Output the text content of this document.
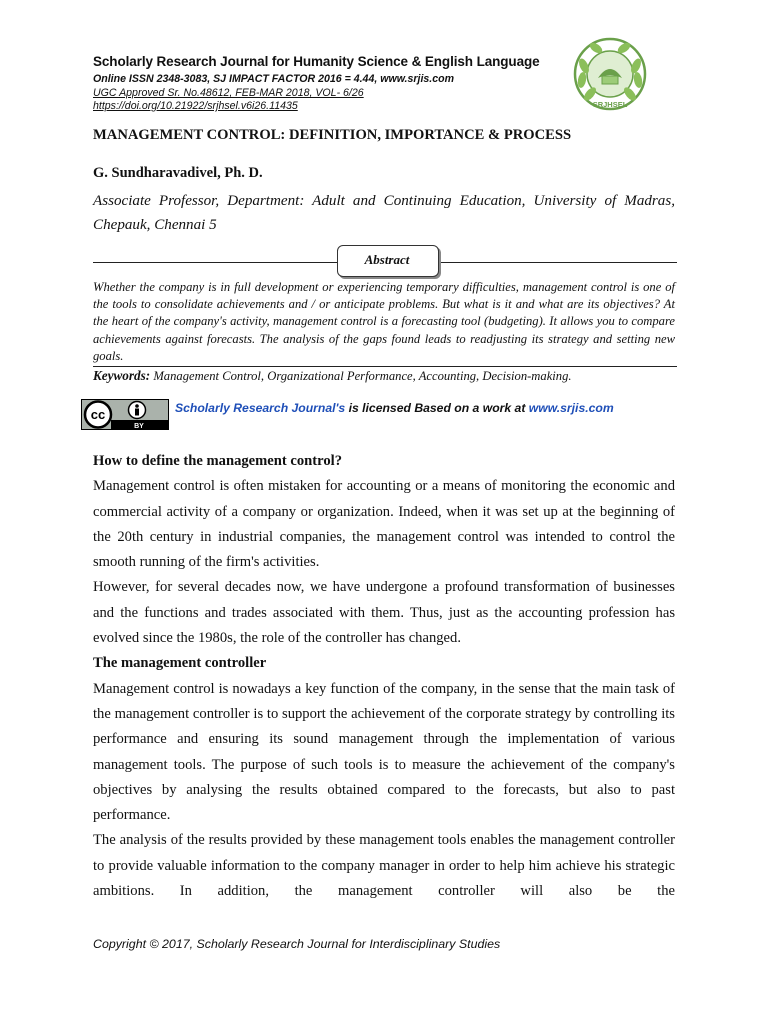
Scholarly Research Journal for Humanity Science & English Language
Online ISSN 2348-3083, SJ IMPACT FACTOR 2016 = 4.44, www.srjis.com
UGC Approved Sr. No.48612, FEB-MAR 2018, VOL- 6/26
https://doi.org/10.21922/srjhsel.v6i26.11435	SRJHSEL
MANAGEMENT CONTROL: DEFINITION, IMPORTANCE & PROCESS
G. Sundharavadivel, Ph. D.
Associate Professor, Department: Adult and Continuing Education, University of Madras, Chepauk, Chennai 5
Abstract
Whether the company is in full development or experiencing temporary difficulties, management control is one of the tools to consolidate achievements and / or anticipate problems. But what is it and what are its objectives? At the heart of the company's activity, management control is a forecasting tool (budgeting). It allows you to compare achievements against forecasts. The analysis of the gaps found leads to readjusting its strategy and setting new goals.
Keywords: Management Control, Organizational Performance, Accounting, Decision-making.
cc
BY
Scholarly Research Journal's is licensed Based on a work at www.srjis.com
How to define the management control?

Management control is often mistaken for accounting or a means of monitoring the economic and commercial activity of a company or organization. Indeed, when it was set up at the beginning of the 20th century in industrial companies, the management control was intended to control the smooth running of the firm's activities.

However, for several decades now, we have undergone a profound transformation of businesses and the functions and trades associated with them. Thus, just as the accounting profession has evolved since the 1980s, the role of the controller has changed.

The management controller

Management control is nowadays a key function of the company, in the sense that the main task of the management controller is to support the achievement of the corporate strategy by controlling its performance and ensuring its sound management through the implementation of various management tools. The purpose of such tools is to measure the achievement of the company's objectives by analysing the results obtained compared to the forecasts, but also to past performance.

The analysis of the results provided by these management tools enables the management controller to provide valuable information to the company manager in order to help him achieve his strategic ambitions. In addition, the management controller will also be the

Copyright © 2017, Scholarly Research Journal for Interdisciplinary Studies
